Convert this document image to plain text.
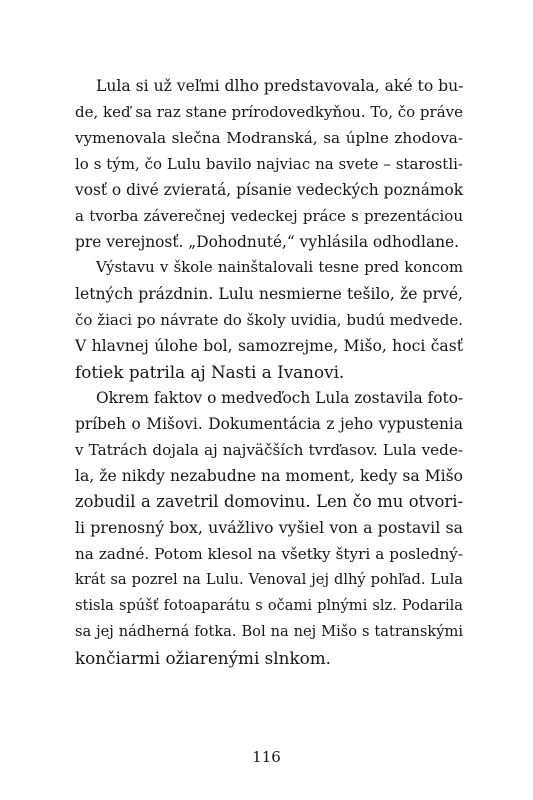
Lula si už veľmi dlho predstavovala, aké to bu-
de, keď sa raz stane prírodovedkyňou. To, čo práve
vymenovala slečna Modranská, sa úplne zhodova-
lo s tým, čo Lulu bavilo najviac na svete – starostli-
vosť o divé zvieratá, písanie vedeckých poznámok
a tvorba záverečnej vedeckej práce s prezentáciou
pre verejnosť. „Dohodnuté,“ vyhlásila odhodlane.
Výstavu v škole nainštalovali tesne pred koncom
letných prázdnin. Lulu nesmierne tešilo, že prvé,
čo žiaci po návrate do školy uvidia, budú medvede.
V hlavnej úlohe bol, samozrejme, Mišo, hoci časť
fotiek patrila aj Nasti a Ivanovi.
Okrem faktov o medveďoch Lula zostavila foto-
príbeh o Mišovi. Dokumentácia z jeho vypustenia
v Tatrách dojala aj najväčších tvrďasov. Lula vede-
la, že nikdy nezabudne na moment, kedy sa Mišo
zobudil a zavetril domovinu. Len čo mu otvori-
li prenosný box, uvážlivo vyšiel von a postavil sa
na zadné. Potom klesol na všetky štyri a posledný-
krát sa pozrel na Lulu. Venoval jej dlhý pohľad. Lula
stisla spúšť fotoaparátu s očami plnými slz. Podarila
sa jej nádherná fotka. Bol na nej Mišo s tatranskými
končiarmi ožiarenými slnkom.
116
